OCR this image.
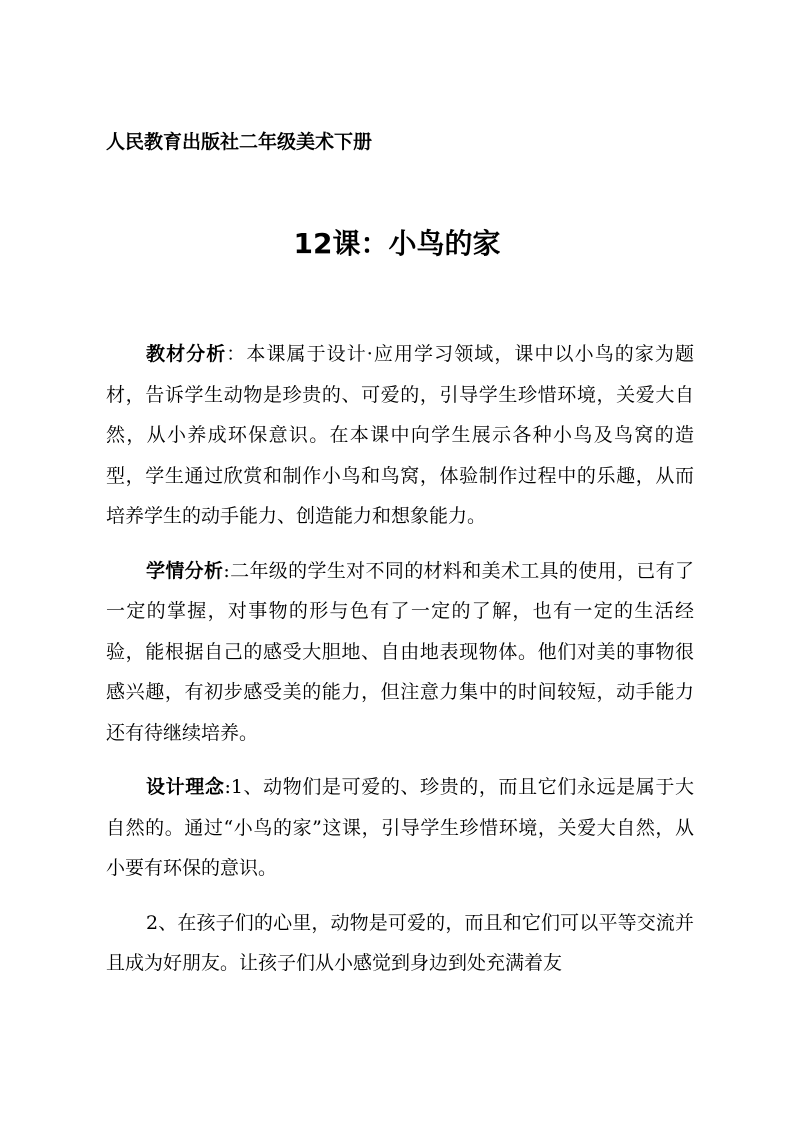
人民教育出版社二年级美术下册
12课：小鸟的家

教材分析：本课属于设计·应用学习领域，课中以小鸟的家为题材，告诉学生动物是珍贵的、可爱的，引导学生珍惜环境，关爱大自然，从小养成环保意识。在本课中向学生展示各种小鸟及鸟窝的造型，学生通过欣赏和制作小鸟和鸟窝，体验制作过程中的乐趣，从而培养学生的动手能力、创造能力和想象能力。

学情分析:二年级的学生对不同的材料和美术工具的使用，已有了一定的掌握，对事物的形与色有了一定的了解，也有一定的生活经验，能根据自己的感受大胆地、自由地表现物体。他们对美的事物很感兴趣，有初步感受美的能力，但注意力集中的时间较短，动手能力还有待继续培养。

设计理念:1、动物们是可爱的、珍贵的，而且它们永远是属于大自然的。通过“小鸟的家”这课，引导学生珍惜环境，关爱大自然，从小要有环保的意识。

2、在孩子们的心里，动物是可爱的，而且和它们可以平等交流并且成为好朋友。让孩子们从小感觉到身边到处充满着友
